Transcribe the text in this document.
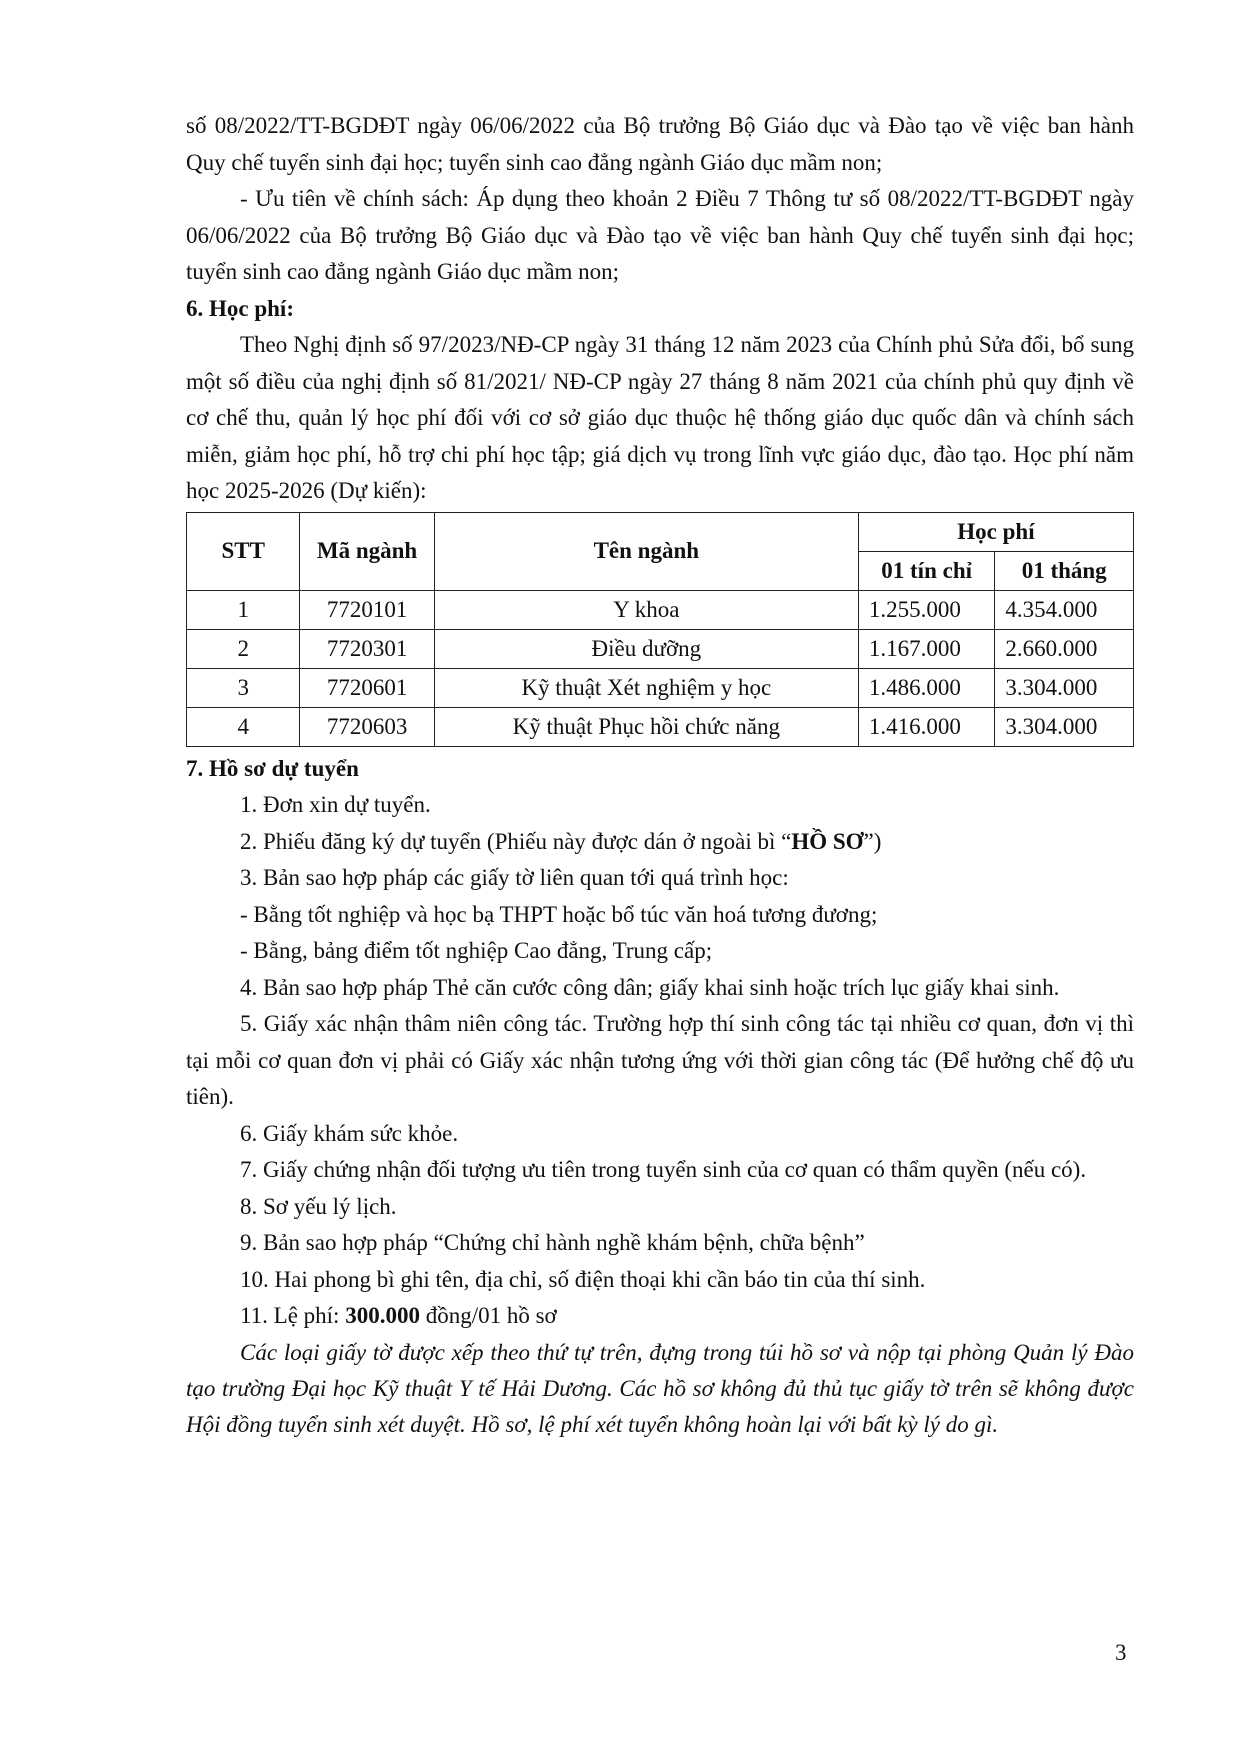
số 08/2022/TT-BGDĐT ngày 06/06/2022 của Bộ trưởng Bộ Giáo dục và Đào tạo về việc ban hành Quy chế tuyển sinh đại học; tuyển sinh cao đẳng ngành Giáo dục mầm non;

- Ưu tiên về chính sách: Áp dụng theo khoản 2 Điều 7 Thông tư số 08/2022/TT-BGDĐT ngày 06/06/2022 của Bộ trưởng Bộ Giáo dục và Đào tạo về việc ban hành Quy chế tuyển sinh đại học; tuyển sinh cao đẳng ngành Giáo dục mầm non;

6. Học phí:

Theo Nghị định số 97/2023/NĐ-CP ngày 31 tháng 12 năm 2023 của Chính phủ Sửa đổi, bổ sung một số điều của nghị định số 81/2021/ NĐ-CP ngày 27 tháng 8 năm 2021 của chính phủ quy định về cơ chế thu, quản lý học phí đối với cơ sở giáo dục thuộc hệ thống giáo dục quốc dân và chính sách miễn, giảm học phí, hỗ trợ chi phí học tập; giá dịch vụ trong lĩnh vực giáo dục, đào tạo. Học phí năm học 2025-2026 (Dự kiến):

STT	Mã ngành	Tên ngành	Học phí	
			01 tín chỉ	01 tháng
1	7720101	Y khoa	1.255.000	4.354.000
2	7720301	Điều dưỡng	1.167.000	2.660.000
3	7720601	Kỹ thuật Xét nghiệm y học	1.486.000	3.304.000
4	7720603	Kỹ thuật Phục hồi chức năng	1.416.000	3.304.000

7. Hồ sơ dự tuyển

1. Đơn xin dự tuyển.

2. Phiếu đăng ký dự tuyển (Phiếu này được dán ở ngoài bì “HỒ SƠ”)

3. Bản sao hợp pháp các giấy tờ liên quan tới quá trình học:

- Bằng tốt nghiệp và học bạ THPT hoặc bổ túc văn hoá tương đương;

- Bằng, bảng điểm tốt nghiệp Cao đẳng, Trung cấp;

4. Bản sao hợp pháp Thẻ căn cước công dân; giấy khai sinh hoặc trích lục giấy khai sinh.

5. Giấy xác nhận thâm niên công tác. Trường hợp thí sinh công tác tại nhiều cơ quan, đơn vị thì tại mỗi cơ quan đơn vị phải có Giấy xác nhận tương ứng với thời gian công tác (Để hưởng chế độ ưu tiên).

6. Giấy khám sức khỏe.

7. Giấy chứng nhận đối tượng ưu tiên trong tuyển sinh của cơ quan có thẩm quyền (nếu có).

8. Sơ yếu lý lịch.

9. Bản sao hợp pháp “Chứng chỉ hành nghề khám bệnh, chữa bệnh”

10. Hai phong bì ghi tên, địa chỉ, số điện thoại khi cần báo tin của thí sinh.

11. Lệ phí: 300.000 đồng/01 hồ sơ

Các loại giấy tờ được xếp theo thứ tự trên, đựng trong túi hồ sơ và nộp tại phòng Quản lý Đào tạo trường Đại học Kỹ thuật Y tế Hải Dương. Các hồ sơ không đủ thủ tục giấy tờ trên sẽ không được Hội đồng tuyển sinh xét duyệt. Hồ sơ, lệ phí xét tuyển không hoàn lại với bất kỳ lý do gì.

3
